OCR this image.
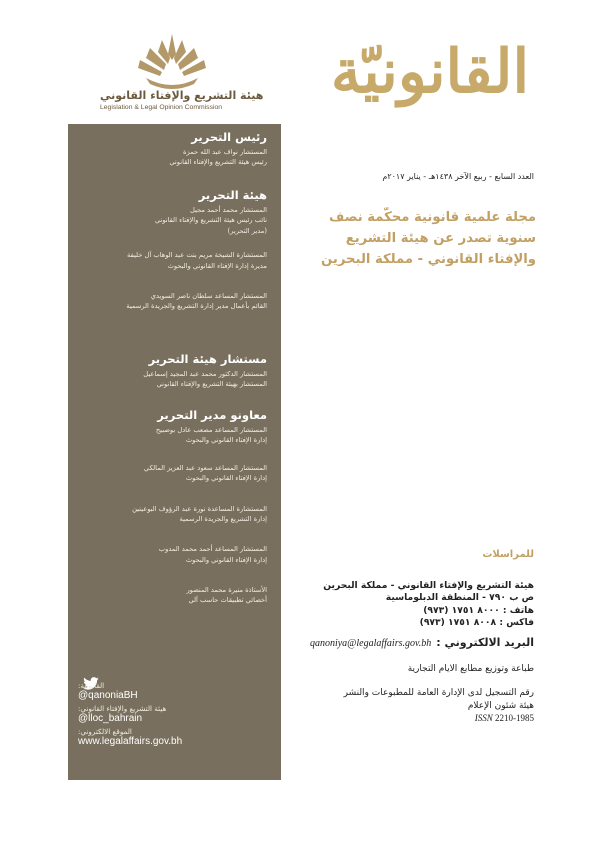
هيئة التشريع والإفتاء القانوني
Legislation & Legal Opinion Commission
القانونيّة
العدد السابع - ربيع الآخر ١٤٣٨هـ - يناير ٢٠١٧م
مجلة علمية قانونية محكّمة نصف
سنوية تصدر عن هيئة التشريع
والإفتاء القانوني - مملكة البحرين
رئيس التحرير
المستشار نواف عبد الله حمزة
رئيس هيئة التشريع والإفتاء القانوني
هيئة التحرير
المستشار محمد أحمد مجيل
نائب رئيس هيئة التشريع والإفتاء القانوني
(مدير التحرير)
المستشارة الشيخة مريم بنت عبد الوهاب آل خليفة
مديرة إدارة الإفتاء القانوني والبحوث
المستشار المساعد سلطان ناصر السويدي
القائم بأعمال مدير إدارة التشريع والجريدة الرسمية
مستشار هيئة التحرير
المستشار الدكتور محمد عبد المجيد إسماعيل
المستشار بهيئة التشريع والإفتاء القانوني
معاونو مدير التحرير
المستشار المساعد مصعب عادل بوصبيح
إدارة الإفتاء القانوني والبحوث
المستشار المساعد سعود عبد العزيز المالكي
إدارة الإفتاء القانوني والبحوث
المستشارة المساعدة نورة عبد الرؤوف البوعينين
إدارة التشريع والجريدة الرسمية
المستشار المساعد أحمد محمد المدوب
إدارة الإفتاء القانوني والبحوث
الأستاذة منيرة محمد المنصور
أخصائي تطبيقات حاسب آلي
القانونية:
@qanoniaBH
هيئة التشريع والإفتاء القانوني:
@lloc_bahrain
الموقع الالكتروني:
www.legalaffairs.gov.bh
للمراسلات
هيئة التشريع والإفتاء القانوني - مملكة البحرين
ص ب ٧٩٠ - المنطقة الدبلوماسية
هاتف : ٨٠٠٠ ١٧٥١ (٩٧٣)
فاكس : ٨٠٠٨ ١٧٥١ (٩٧٣)
البريد الالكتروني : qanoniya@legalaffairs.gov.bh
طباعة وتوزيع مطابع الايام التجارية
رقم التسجيل لدى الإدارة العامة للمطبوعات والنشر
هيئة شئون الإعلام
ISSN 2210-1985
